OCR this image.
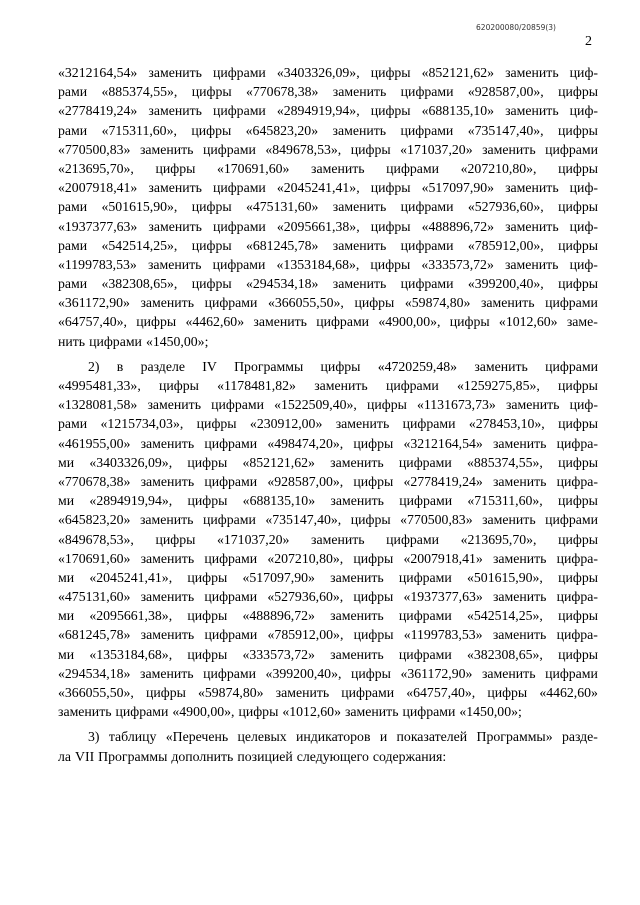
620200080/20859(3)
2
«3212164,54» заменить цифрами «3403326,09», цифры «852121,62» заменить циф-
рами «885374,55», цифры «770678,38» заменить цифрами «928587,00», цифры
«2778419,24» заменить цифрами «2894919,94», цифры «688135,10» заменить циф-
рами «715311,60», цифры «645823,20» заменить цифрами «735147,40», цифры
«770500,83» заменить цифрами «849678,53», цифры «171037,20» заменить цифрами
«213695,70», цифры «170691,60» заменить цифрами «207210,80», цифры
«2007918,41» заменить цифрами «2045241,41», цифры «517097,90» заменить циф-
рами «501615,90», цифры «475131,60» заменить цифрами «527936,60», цифры
«1937377,63» заменить цифрами «2095661,38», цифры «488896,72» заменить циф-
рами «542514,25», цифры «681245,78» заменить цифрами «785912,00», цифры
«1199783,53» заменить цифрами «1353184,68», цифры «333573,72» заменить циф-
рами «382308,65», цифры «294534,18» заменить цифрами «399200,40», цифры
«361172,90» заменить цифрами «366055,50», цифры «59874,80» заменить цифрами
«64757,40», цифры «4462,60» заменить цифрами «4900,00», цифры «1012,60» заме-
нить цифрами «1450,00»;
2) в разделе IV Программы цифры «4720259,48» заменить цифрами
«4995481,33», цифры «1178481,82» заменить цифрами «1259275,85», цифры
«1328081,58» заменить цифрами «1522509,40», цифры «1131673,73» заменить циф-
рами «1215734,03», цифры «230912,00» заменить цифрами «278453,10», цифры
«461955,00» заменить цифрами «498474,20», цифры «3212164,54» заменить цифра-
ми «3403326,09», цифры «852121,62» заменить цифрами «885374,55», цифры
«770678,38» заменить цифрами «928587,00», цифры «2778419,24» заменить цифра-
ми «2894919,94», цифры «688135,10» заменить цифрами «715311,60», цифры
«645823,20» заменить цифрами «735147,40», цифры «770500,83» заменить цифрами
«849678,53», цифры «171037,20» заменить цифрами «213695,70», цифры
«170691,60» заменить цифрами «207210,80», цифры «2007918,41» заменить цифра-
ми «2045241,41», цифры «517097,90» заменить цифрами «501615,90», цифры
«475131,60» заменить цифрами «527936,60», цифры «1937377,63» заменить цифра-
ми «2095661,38», цифры «488896,72» заменить цифрами «542514,25», цифры
«681245,78» заменить цифрами «785912,00», цифры «1199783,53» заменить цифра-
ми «1353184,68», цифры «333573,72» заменить цифрами «382308,65», цифры
«294534,18» заменить цифрами «399200,40», цифры «361172,90» заменить цифрами
«366055,50», цифры «59874,80» заменить цифрами «64757,40», цифры «4462,60»
заменить цифрами «4900,00», цифры «1012,60» заменить цифрами «1450,00»;
3) таблицу «Перечень целевых индикаторов и показателей Программы» разде-
ла VII Программы дополнить позицией следующего содержания:
